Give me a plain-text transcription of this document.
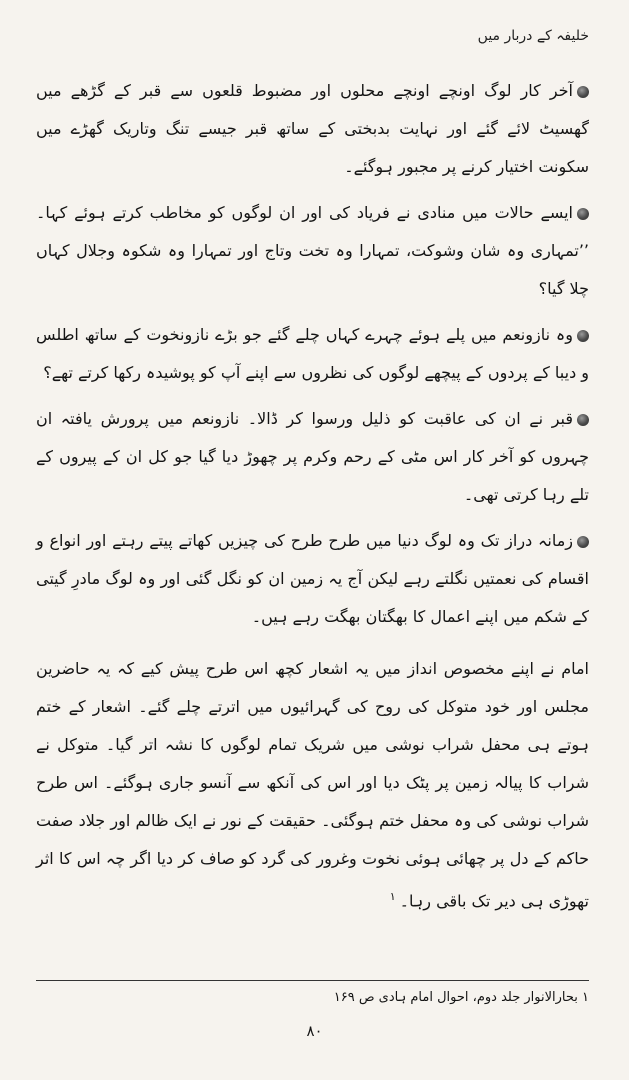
خلیفہ کے دربار میں

آخر کار لوگ اونچے اونچے محلوں اور مضبوط قلعوں سے قبر کے گڑھے میں گھسیٹ لائے گئے اور نہایت بدبختی کے ساتھ قبر جیسے تنگ وتاریک گھڑے میں سکونت اختیار کرنے پر مجبور ہوگئے۔

ایسے حالات میں منادی نے فریاد کی اور ان لوگوں کو مخاطب کرتے ہوئے کہا۔ ’’تمہاری وہ شان وشوکت، تمہارا وہ تخت وتاج اور تمہارا وہ شکوہ وجلال کہاں چلا گیا؟

وہ نازونعم میں پلے ہوئے چہرے کہاں چلے گئے جو بڑے نازونخوت کے ساتھ اطلس و دیبا کے پردوں کے پیچھے لوگوں کی نظروں سے اپنے آپ کو پوشیدہ رکھا کرتے تھے؟

قبر نے ان کی عاقبت کو ذلیل ورسوا کر ڈالا۔ نازونعم میں پرورش یافتہ ان چہروں کو آخر کار اس مٹی کے رحم وکرم پر چھوڑ دیا گیا جو کل ان کے پیروں کے تلے رہا کرتی تھی۔

زمانہ دراز تک وہ لوگ دنیا میں طرح طرح کی چیزیں کھاتے پیتے رہتے اور انواع و اقسام کی نعمتیں نگلتے رہے لیکن آج یہ زمین ان کو نگل گئی اور وہ لوگ مادرِ گیتی کے شکم میں اپنے اعمال کا بھگتان بھگت رہے ہیں۔

امام نے اپنے مخصوص انداز میں یہ اشعار کچھ اس طرح پیش کیے کہ یہ حاضرین مجلس اور خود متوکل کی روح کی گہرائیوں میں اترتے چلے گئے۔ اشعار کے ختم ہوتے ہی محفل شراب نوشی میں شریک تمام لوگوں کا نشہ اتر گیا۔ متوکل نے شراب کا پیالہ زمین پر پٹک دیا اور اس کی آنکھ سے آنسو جاری ہوگئے۔ اس طرح شراب نوشی کی وہ محفل ختم ہوگئی۔ حقیقت کے نور نے ایک ظالم اور جلاد صفت حاکم کے دل پر چھائی ہوئی نخوت وغرور کی گرد کو صاف کر دیا اگر چہ اس کا اثر تھوڑی ہی دیر تک باقی رہا۔$^۱$

۱ بحارالانوار جلد دوم، احوال امام ہادی ص ۱۶۹
۸۰
